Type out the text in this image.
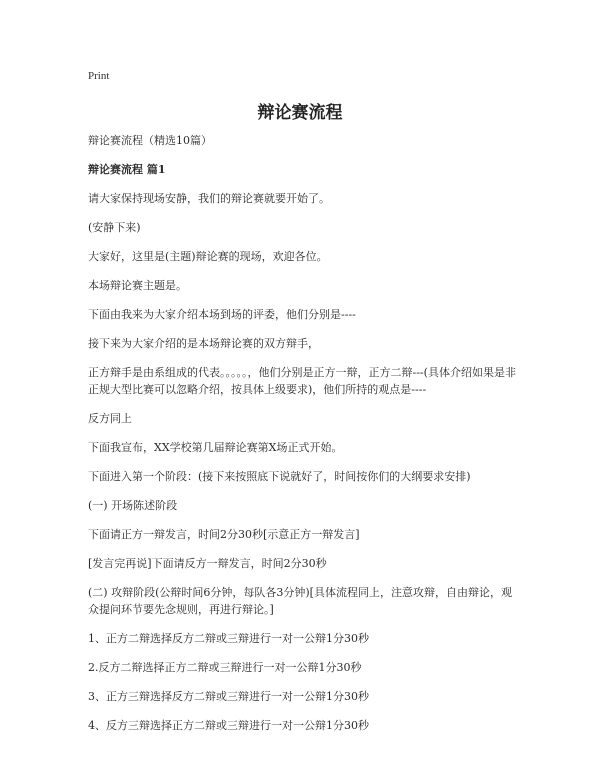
Print
辩论赛流程

辩论赛流程（精选10篇）

辩论赛流程 篇1

请大家保持现场安静，我们的辩论赛就要开始了。

(安静下来)

大家好，这里是(主题)辩论赛的现场，欢迎各位。

本场辩论赛主题是。

下面由我来为大家介绍本场到场的评委，他们分别是----

接下来为大家介绍的是本场辩论赛的双方辩手，

正方辩手是由系组成的代表。。。。。，他们分别是正方一辩，正方二辩---(具体介绍如果是非正规大型比赛可以忽略介绍，按具体上级要求)，他们所持的观点是----

反方同上

下面我宣布，XX学校第几届辩论赛第X场正式开始。

下面进入第一个阶段：(接下来按照底下说就好了，时间按你们的大纲要求安排)

(一) 开场陈述阶段

下面请正方一辩发言，时间2分30秒[示意正方一辩发言]

[发言完再说]下面请反方一辩发言，时间2分30秒

(二) 攻辩阶段(公辩时间6分钟，每队各3分钟)[具体流程同上，注意攻辩，自由辩论，观众提问环节要先念规则，再进行辩论。]

1、正方二辩选择反方二辩或三辩进行一对一公辩1分30秒

2.反方二辩选择正方二辩或三辩进行一对一公辩1分30秒

3、正方三辩选择反方二辩或三辩进行一对一公辩1分30秒

4、反方三辩选择正方二辩或三辩进行一对一公辩1分30秒
